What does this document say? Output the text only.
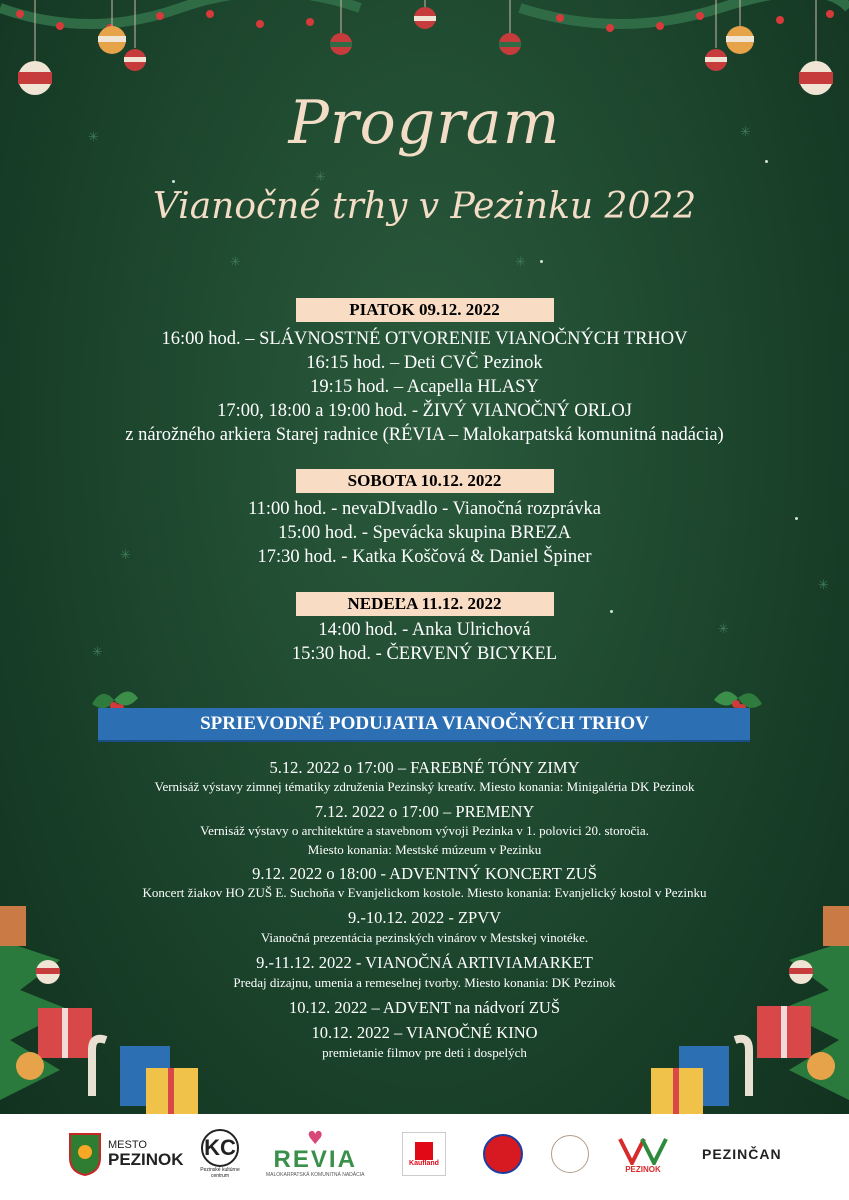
✳	✳
✳
✳	✳
✳
✳
✳
✳
Program
Vianočné trhy v Pezinku 2022
PIATOK 09.12. 2022
16:00 hod. – SLÁVNOSTNÉ OTVORENIE VIANOČNÝCH TRHOV
16:15 hod. – Deti CVČ Pezinok
19:15 hod. – Acapella HLASY
17:00, 18:00 a 19:00 hod. - ŽIVÝ VIANOČNÝ ORLOJ
z nárožného arkiera Starej radnice (RÉVIA – Malokarpatská komunitná nadácia)
SOBOTA 10.12. 2022
11:00 hod. - nevaDIvadlo - Vianočná rozprávka
15:00 hod. - Spevácka skupina BREZA
17:30 hod. - Katka Koščová & Daniel Špiner
NEDEĽA 11.12. 2022
14:00 hod. - Anka Ulrichová
15:30 hod. - ČERVENÝ BICYKEL
SPRIEVODNÉ PODUJATIA VIANOČNÝCH TRHOV
5.12. 2022 o 17:00 – FAREBNÉ TÓNY ZIMY
Vernisáž výstavy zimnej tématiky združenia Pezinský kreatív. Miesto konania: Minigaléria DK Pezinok
7.12. 2022 o 17:00 – PREMENY
Vernisáž výstavy o architektúre a stavebnom vývoji Pezinka v 1. polovici 20. storočia.
Miesto konania: Mestské múzeum v Pezinku
9.12. 2022 o 18:00 - ADVENTNÝ KONCERT ZUŠ
Koncert žiakov HO ZUŠ E. Suchoňa v Evanjelickom kostole. Miesto konania: Evanjelický kostol v Pezinku
9.-10.12. 2022 - ZPVV
Vianočná prezentácia pezinských vinárov v Mestskej vinotéke.
9.-11.12. 2022 - VIANOČNÁ ARTIVIAMARKET
Predaj dizajnu, umenia a remeselnej tvorby. Miesto konania: DK Pezinok
10.12. 2022 – ADVENT na nádvorí ZUŠ
10.12. 2022 – VIANOČNÉ KINO
premietanie filmov pre deti i dospelých
MESTO
PEZINOK KC
Pezinské kultúrne centrum
♥
REVIA
MALOKARPATSKÁ KOMUNITNÁ NADÁCIA
Kaufland
PEZINOK
PEZINČAN
